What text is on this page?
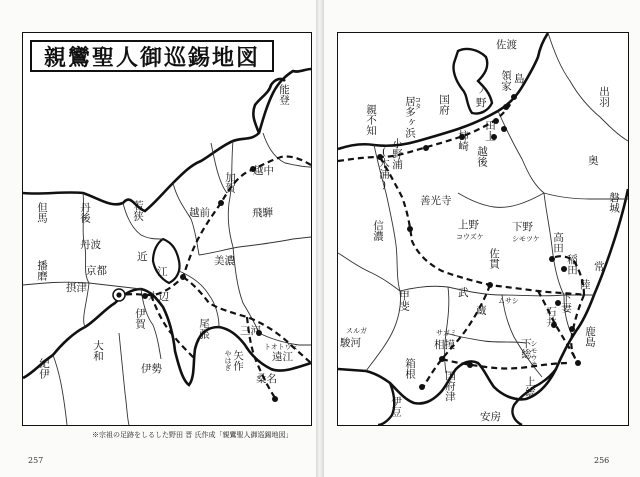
親鸞聖人御巡錫地図
能登
越中
加賀
但馬	丹後	若狭	越前	飛騨
丹波
播磨	京都
近
江
美濃
摂津
木辺
伊賀	尾張	三河
大和
紀伊	伊勢	矢作
やはぎ	遠江
トオトウミ
桑名
※宗祖の足跡をしるした野田 晋 氏作成「親鸞聖人御巡錫地図」
257
佐渡
領家 島
出羽
野
ノ
居多ヶ浜
コタ 国府
田上
柿崎
親不知
小野浦
(木浦)	越後	奥
善光寺	磐城
信濃	上野
コウズケ
下野
シモツケ 高田
佐貫	常
陸
稲田
甲斐	武
蔵
ムサシ	下妻
鹿島
駿河
スルガ
相摸
サガミ
箱根
国府津
下総
シモウサ
上総
伊豆	安房
石井
256
